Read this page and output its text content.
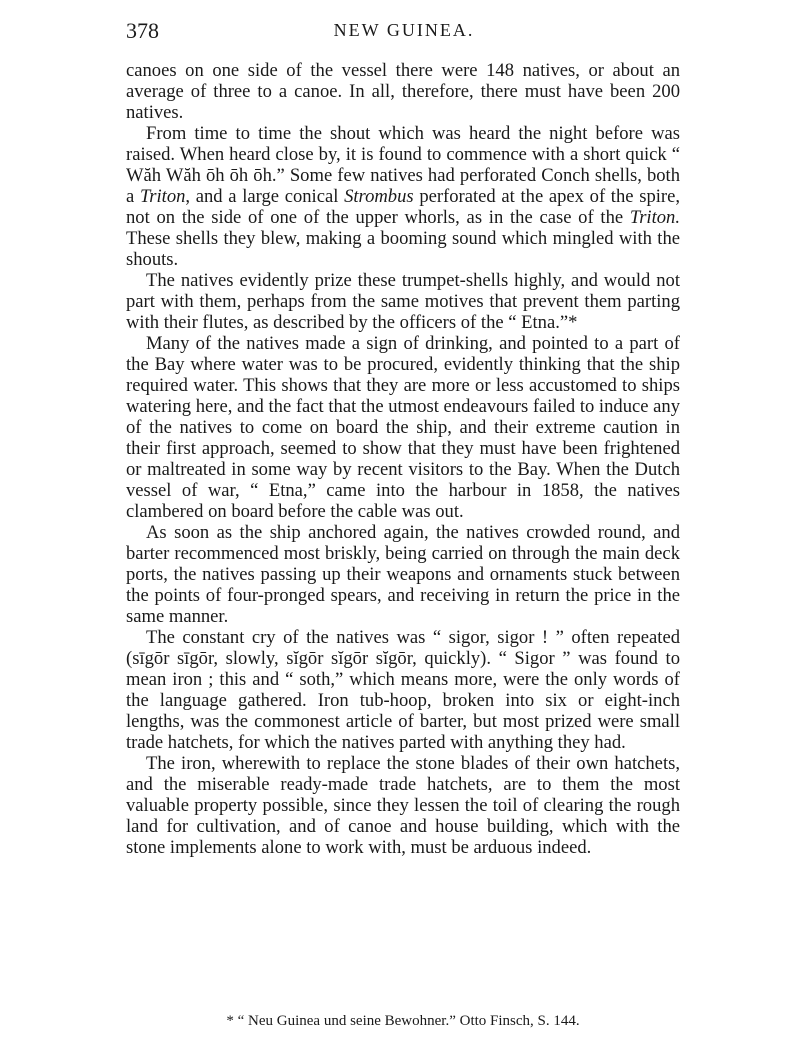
378	NEW GUINEA.

canoes on one side of the vessel there were 148 natives, or about an average of three to a canoe. In all, therefore, there must have been 200 natives.

From time to time the shout which was heard the night before was raised. When heard close by, it is found to commence with a short quick “ Wăh Wăh ōh ōh ōh.” Some few natives had perforated Conch shells, both a Triton, and a large conical Strombus perforated at the apex of the spire, not on the side of one of the upper whorls, as in the case of the Triton. These shells they blew, making a booming sound which mingled with the shouts.

The natives evidently prize these trumpet-shells highly, and would not part with them, perhaps from the same motives that prevent them parting with their flutes, as described by the officers of the “ Etna.”*

Many of the natives made a sign of drinking, and pointed to a part of the Bay where water was to be procured, evidently thinking that the ship required water. This shows that they are more or less accustomed to ships watering here, and the fact that the utmost endeavours failed to induce any of the natives to come on board the ship, and their extreme caution in their first approach, seemed to show that they must have been frightened or maltreated in some way by recent visitors to the Bay. When the Dutch vessel of war, “ Etna,” came into the harbour in 1858, the natives clambered on board before the cable was out.

As soon as the ship anchored again, the natives crowded round, and barter recommenced most briskly, being carried on through the main deck ports, the natives passing up their weapons and ornaments stuck between the points of four-pronged spears, and receiving in return the price in the same manner.

The constant cry of the natives was “ sigor, sigor ! ” often repeated (sīgōr sīgōr, slowly, sĭgōr sĭgōr sĭgōr, quickly). “ Sigor ” was found to mean iron ; this and “ soth,” which means more, were the only words of the language gathered. Iron tub-hoop, broken into six or eight-inch lengths, was the commonest article of barter, but most prized were small trade hatchets, for which the natives parted with anything they had.

The iron, wherewith to replace the stone blades of their own hatchets, and the miserable ready-made trade hatchets, are to them the most valuable property possible, since they lessen the toil of clearing the rough land for cultivation, and of canoe and house building, which with the stone implements alone to work with, must be arduous indeed.

* “ Neu Guinea und seine Bewohner.” Otto Finsch, S. 144.
